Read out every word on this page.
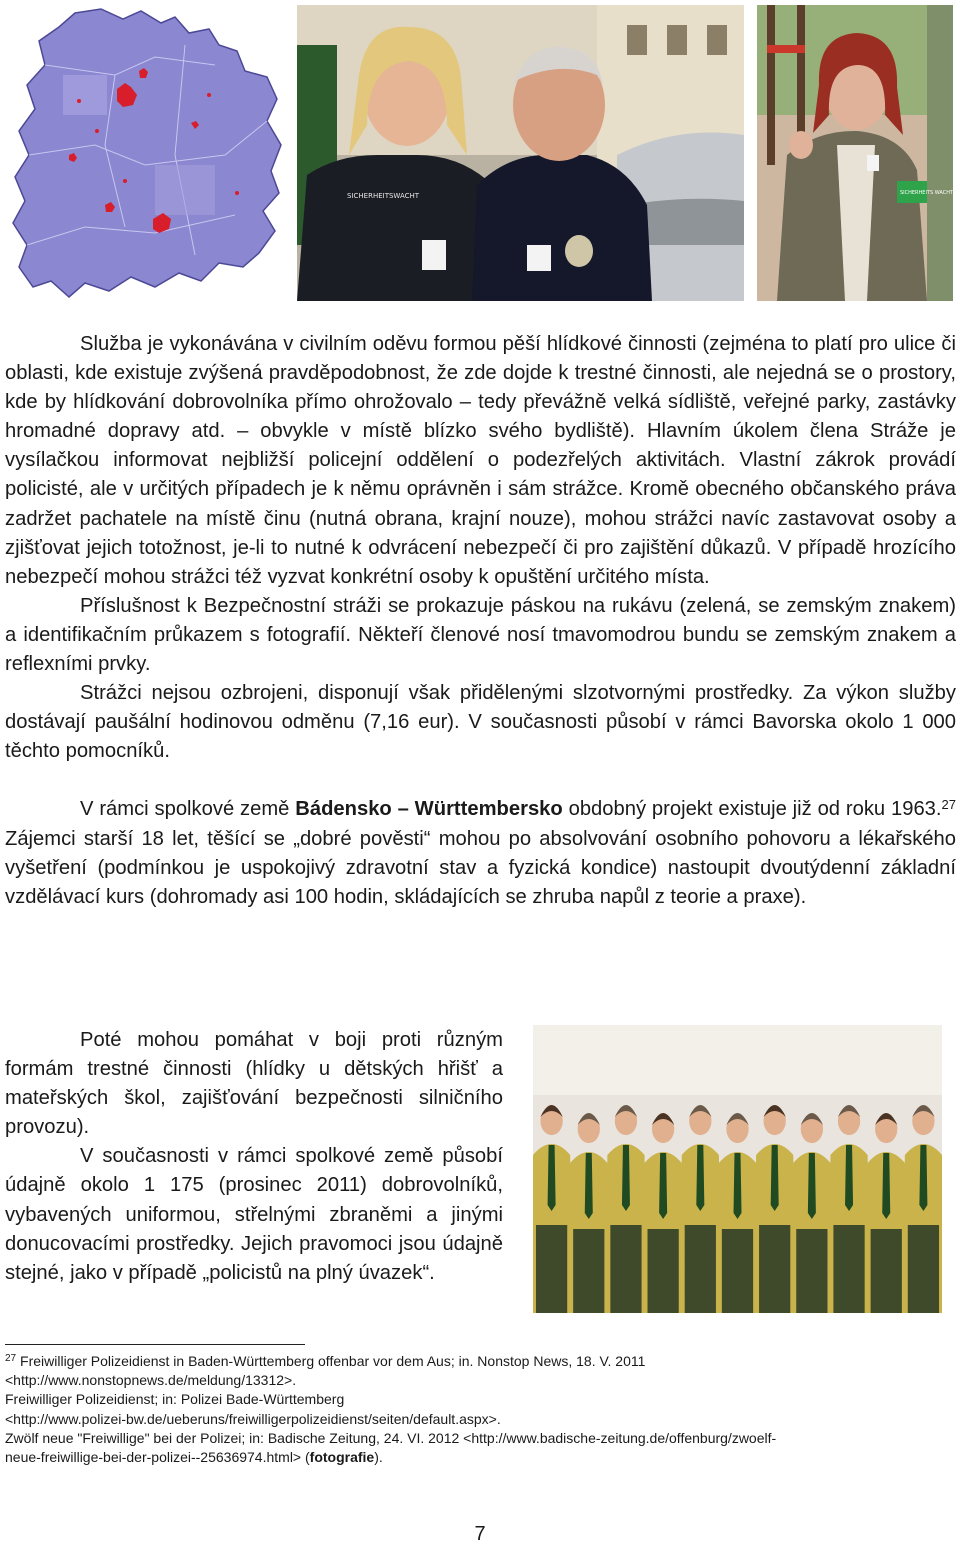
SICHERHEITSWACHT	SICHERHEITS WACHT

Služba je vykonávána v civilním oděvu formou pěší hlídkové činnosti (zejména to platí pro ulice či oblasti, kde existuje zvýšená pravděpodobnost, že zde dojde k trestné činnosti, ale nejedná se o prostory, kde by hlídkování dobrovolníka přímo ohrožovalo – tedy převážně velká sídliště, veřejné parky, zastávky hromadné dopravy atd. – obvykle v místě blízko svého bydliště). Hlavním úkolem člena Stráže je vysílačkou informovat nejbližší policejní oddělení o podezřelých aktivitách. Vlastní zákrok provádí policisté, ale v určitých případech je k němu oprávněn i sám strážce. Kromě obecného občanského práva zadržet pachatele na místě činu (nutná obrana, krajní nouze), mohou strážci navíc zastavovat osoby a zjišťovat jejich totožnost, je-li to nutné k odvrácení nebezpečí či pro zajištění důkazů. V případě hrozícího nebezpečí mohou strážci též vyzvat konkrétní osoby k opuštění určitého místa.

Příslušnost k Bezpečnostní stráži se prokazuje páskou na rukávu (zelená, se zemským znakem) a identifikačním průkazem s fotografií. Někteří členové nosí tmavomodrou bundu se zemským znakem a reflexními prvky.

Strážci nejsou ozbrojeni, disponují však přidělenými slzotvornými prostředky. Za výkon služby dostávají paušální hodinovou odměnu (7,16 eur). V současnosti působí v rámci Bavorska okolo 1 000 těchto pomocníků.

V rámci spolkové země Bádensko – Württembersko obdobný projekt existuje již od roku 1963.27 Zájemci starší 18 let, těšící se „dobré pověsti“ mohou po absolvování osobního pohovoru a lékařského vyšetření (podmínkou je uspokojivý zdravotní stav a fyzická kondice) nastoupit dvoutýdenní základní vzdělávací kurs (dohromady asi 100 hodin, skládajících se zhruba napůl z teorie a praxe).

Poté mohou pomáhat v boji proti různým formám trestné činnosti (hlídky u dětských hřišť a mateřských škol, zajišťování bezpečnosti silničního provozu).

V současnosti v rámci spolkové země působí údajně okolo 1 175 (prosinec 2011) dobrovolníků, vybavených uniformou, střelnými zbraněmi a jinými donucovacími prostředky. Jejich pravomoci jsou údajně stejné, jako v případě „policistů na plný úvazek“.

$^{27}$ Freiwilliger Polizeidienst in Baden-Württemberg offenbar vor dem Aus; in. Nonstop News, 18. V. 2011

<http://www.nonstopnews.de/meldung/13312>.

Freiwilliger Polizeidienst; in: Polizei Bade-Württemberg

<http://www.polizei-bw.de/ueberuns/freiwilligerpolizeidienst/seiten/default.aspx>.

Zwölf neue "Freiwillige" bei der Polizei; in: Badische Zeitung, 24. VI. 2012 <http://www.badische-zeitung.de/offenburg/zwoelf-

neue-freiwillige-bei-der-polizei--25636974.html> (fotografie).

7
